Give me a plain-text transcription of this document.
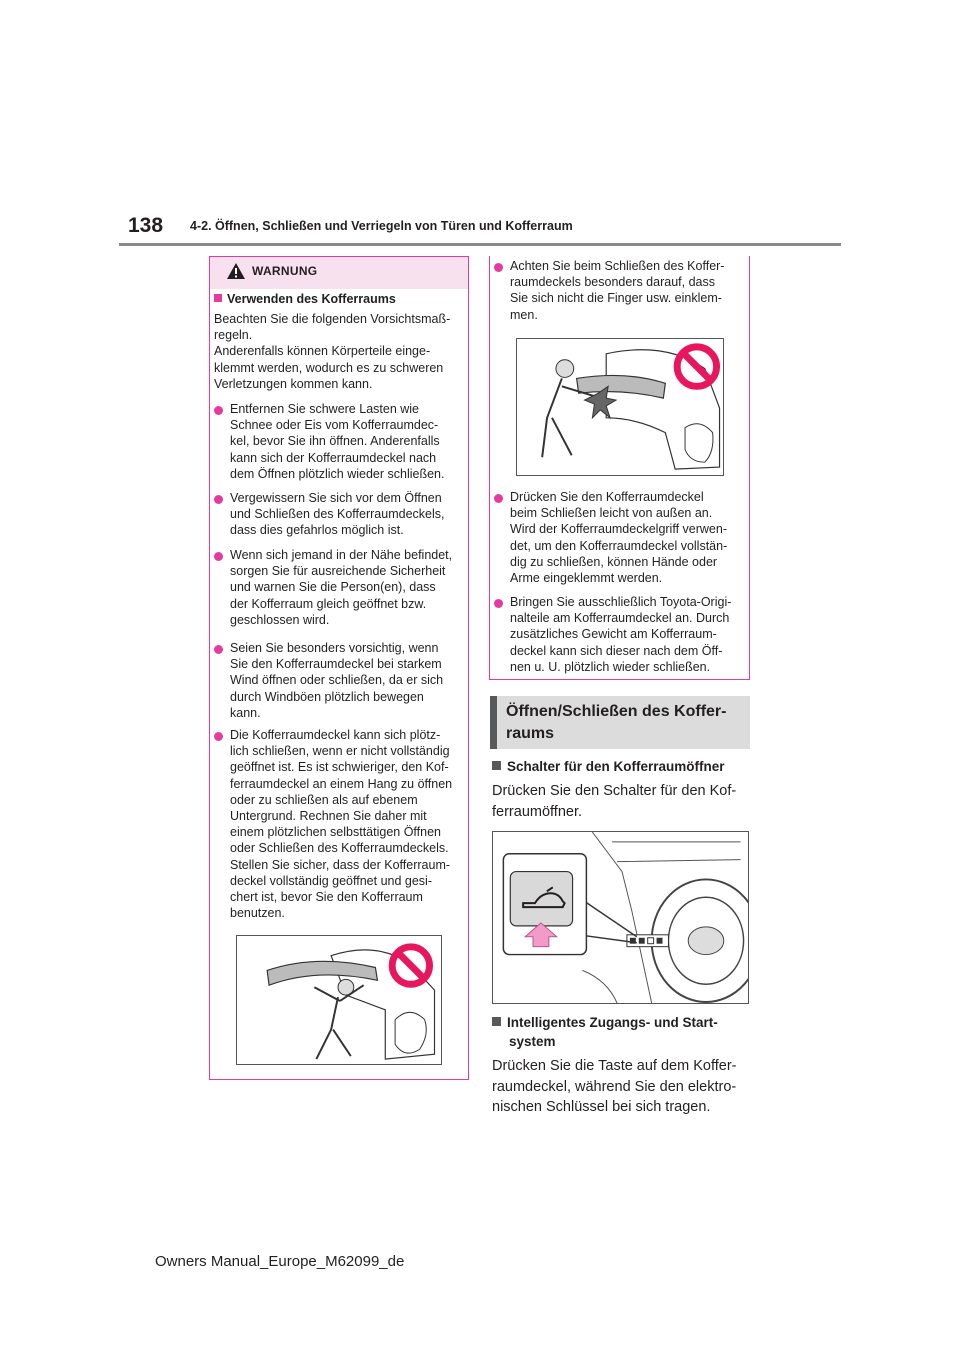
138 4-2. Öffnen, Schließen und Verriegeln von Türen und Kofferraum
WARNUNG
Verwenden des Kofferraums
Beachten Sie die folgenden Vorsichtsmaß-
regeln.
Anderenfalls können Körperteile einge-
klemmt werden, wodurch es zu schweren
Verletzungen kommen kann.
Entfernen Sie schwere Lasten wie
Schnee oder Eis vom Kofferraumdec-
kel, bevor Sie ihn öffnen. Anderenfalls
kann sich der Kofferraumdeckel nach
dem Öffnen plötzlich wieder schließen.
Vergewissern Sie sich vor dem Öffnen
und Schließen des Kofferraumdeckels,
dass dies gefahrlos möglich ist.
Wenn sich jemand in der Nähe befindet,
sorgen Sie für ausreichende Sicherheit
und warnen Sie die Person(en), dass
der Kofferraum gleich geöffnet bzw.
geschlossen wird.
Seien Sie besonders vorsichtig, wenn
Sie den Kofferraumdeckel bei starkem
Wind öffnen oder schließen, da er sich
durch Windböen plötzlich bewegen
kann.
Die Kofferraumdeckel kann sich plötz-
lich schließen, wenn er nicht vollständig
geöffnet ist. Es ist schwieriger, den Kof-
ferraumdeckel an einem Hang zu öffnen
oder zu schließen als auf ebenem
Untergrund. Rechnen Sie daher mit
einem plötzlichen selbsttätigen Öffnen
oder Schließen des Kofferraumdeckels.
Stellen Sie sicher, dass der Kofferraum-
deckel vollständig geöffnet und gesi-
chert ist, bevor Sie den Kofferraum
benutzen.
Achten Sie beim Schließen des Koffer-
raumdeckels besonders darauf, dass
Sie sich nicht die Finger usw. einklem-
men.
Drücken Sie den Kofferraumdeckel
beim Schließen leicht von außen an.
Wird der Kofferraumdeckelgriff verwen-
det, um den Kofferraumdeckel vollstän-
dig zu schließen, können Hände oder
Arme eingeklemmt werden.
Bringen Sie ausschließlich Toyota-Origi-
nalteile am Kofferraumdeckel an. Durch
zusätzliches Gewicht am Kofferraum-
deckel kann sich dieser nach dem Öff-
nen u. U. plötzlich wieder schließen.
Öffnen/Schließen des Koffer-
raums
Schalter für den Kofferraumöffner
Drücken Sie den Schalter für den Kof-
ferraumöffner.
Intelligentes Zugangs- und Start-
system
Drücken Sie die Taste auf dem Koffer-
raumdeckel, während Sie den elektro-
nischen Schlüssel bei sich tragen.
Owners Manual_Europe_M62099_de
